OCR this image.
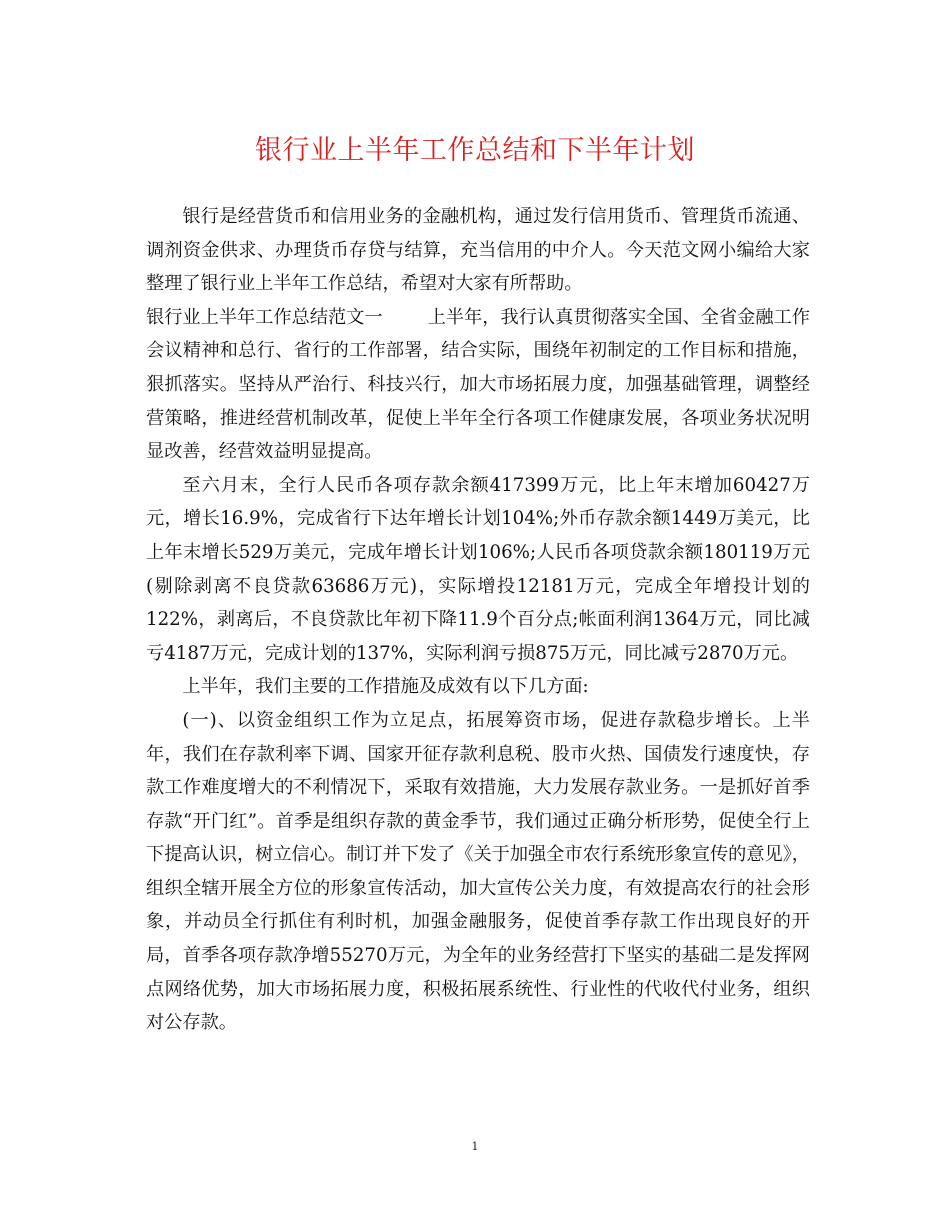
银行业上半年工作总结和下半年计划

银行是经营货币和信用业务的金融机构，通过发行信用货币、管理货币流通、调剂资金供求、办理货币存贷与结算，充当信用的中介人。今天范文网小编给大家整理了银行业上半年工作总结，希望对大家有所帮助。

银行业上半年工作总结范文一 上半年，我行认真贯彻落实全国、全省金融工作会议精神和总行、省行的工作部署，结合实际，围绕年初制定的工作目标和措施，狠抓落实。坚持从严治行、科技兴行，加大市场拓展力度，加强基础管理，调整经营策略，推进经营机制改革，促使上半年全行各项工作健康发展，各项业务状况明显改善，经营效益明显提高。

至六月末，全行人民币各项存款余额417399万元，比上年末增加60427万元，增长16.9%，完成省行下达年增长计划104%;外币存款余额1449万美元，比上年末增长529万美元，完成年增长计划106%;人民币各项贷款余额180119万元(剔除剥离不良贷款63686万元)，实际增投12181万元，完成全年增投计划的122%，剥离后，不良贷款比年初下降11.9个百分点;帐面利润1364万元，同比减亏4187万元，完成计划的137%，实际利润亏损875万元，同比减亏2870万元。

上半年，我们主要的工作措施及成效有以下几方面:

(一)、以资金组织工作为立足点，拓展筹资市场，促进存款稳步增长。上半年，我们在存款利率下调、国家开征存款利息税、股市火热、国债发行速度快，存款工作难度增大的不利情况下，采取有效措施，大力发展存款业务。一是抓好首季存款“开门红”。首季是组织存款的黄金季节，我们通过正确分析形势，促使全行上下提高认识，树立信心。制订并下发了《关于加强全市农行系统形象宣传的意见》，组织全辖开展全方位的形象宣传活动，加大宣传公关力度，有效提高农行的社会形象，并动员全行抓住有利时机，加强金融服务，促使首季存款工作出现良好的开局，首季各项存款净增55270万元，为全年的业务经营打下坚实的基础二是发挥网点网络优势，加大市场拓展力度，积极拓展系统性、行业性的代收代付业务，组织对公存款。

1
